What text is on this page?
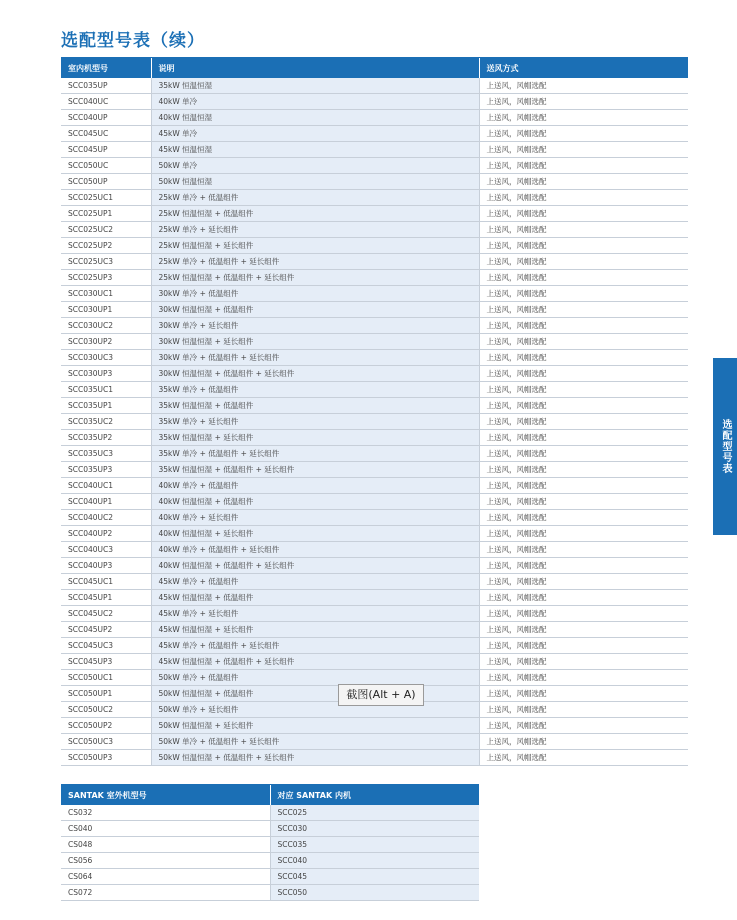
选配型号表（续）
室内机型号	说明	送风方式
SCC035UP	35kW 恒温恒湿	上送风，风帽选配
SCC040UC	40kW 单冷	上送风，风帽选配
SCC040UP	40kW 恒温恒湿	上送风，风帽选配
SCC045UC	45kW 单冷	上送风，风帽选配
SCC045UP	45kW 恒温恒湿	上送风，风帽选配
SCC050UC	50kW 单冷	上送风，风帽选配
SCC050UP	50kW 恒温恒湿	上送风，风帽选配
SCC025UC1	25kW 单冷 + 低温组件	上送风，风帽选配
SCC025UP1	25kW 恒温恒湿 + 低温组件	上送风，风帽选配
SCC025UC2	25kW 单冷 + 延长组件	上送风，风帽选配
SCC025UP2	25kW 恒温恒湿 + 延长组件	上送风，风帽选配
SCC025UC3	25kW 单冷 + 低温组件 + 延长组件	上送风，风帽选配
SCC025UP3	25kW 恒温恒湿 + 低温组件 + 延长组件	上送风，风帽选配
SCC030UC1	30kW 单冷 + 低温组件	上送风，风帽选配
SCC030UP1	30kW 恒温恒湿 + 低温组件	上送风，风帽选配
SCC030UC2	30kW 单冷 + 延长组件	上送风，风帽选配
SCC030UP2	30kW 恒温恒湿 + 延长组件	上送风，风帽选配
SCC030UC3	30kW 单冷 + 低温组件 + 延长组件	上送风，风帽选配
SCC030UP3	30kW 恒温恒湿 + 低温组件 + 延长组件	上送风，风帽选配
SCC035UC1	35kW 单冷 + 低温组件	上送风，风帽选配
SCC035UP1	35kW 恒温恒湿 + 低温组件	上送风，风帽选配
SCC035UC2	35kW 单冷 + 延长组件	上送风，风帽选配
SCC035UP2	35kW 恒温恒湿 + 延长组件	上送风，风帽选配
SCC035UC3	35kW 单冷 + 低温组件 + 延长组件	上送风，风帽选配
SCC035UP3	35kW 恒温恒湿 + 低温组件 + 延长组件	上送风，风帽选配
SCC040UC1	40kW 单冷 + 低温组件	上送风，风帽选配
SCC040UP1	40kW 恒温恒湿 + 低温组件	上送风，风帽选配
SCC040UC2	40kW 单冷 + 延长组件	上送风，风帽选配
SCC040UP2	40kW 恒温恒湿 + 延长组件	上送风，风帽选配
SCC040UC3	40kW 单冷 + 低温组件 + 延长组件	上送风，风帽选配
SCC040UP3	40kW 恒温恒湿 + 低温组件 + 延长组件	上送风，风帽选配
SCC045UC1	45kW 单冷 + 低温组件	上送风，风帽选配
SCC045UP1	45kW 恒温恒湿 + 低温组件	上送风，风帽选配
SCC045UC2	45kW 单冷 + 延长组件	上送风，风帽选配
SCC045UP2	45kW 恒温恒湿 + 延长组件	上送风，风帽选配
SCC045UC3	45kW 单冷 + 低温组件 + 延长组件	上送风，风帽选配
SCC045UP3	45kW 恒温恒湿 + 低温组件 + 延长组件	上送风，风帽选配
SCC050UC1	50kW 单冷 + 低温组件	上送风，风帽选配
SCC050UP1	50kW 恒温恒湿 + 低温组件	上送风，风帽选配
SCC050UC2	50kW 单冷 + 延长组件	上送风，风帽选配
SCC050UP2	50kW 恒温恒湿 + 延长组件	上送风，风帽选配
SCC050UC3	50kW 单冷 + 低温组件 + 延长组件	上送风，风帽选配
SCC050UP3	50kW 恒温恒湿 + 低温组件 + 延长组件	上送风，风帽选配
SANTAK 室外机型号	对应 SANTAK 内机
CS032	SCC025
CS040	SCC030
CS048	SCC035
CS056	SCC040
CS064	SCC045
CS072	SCC050
选配型号表
截图(Alt + A)
